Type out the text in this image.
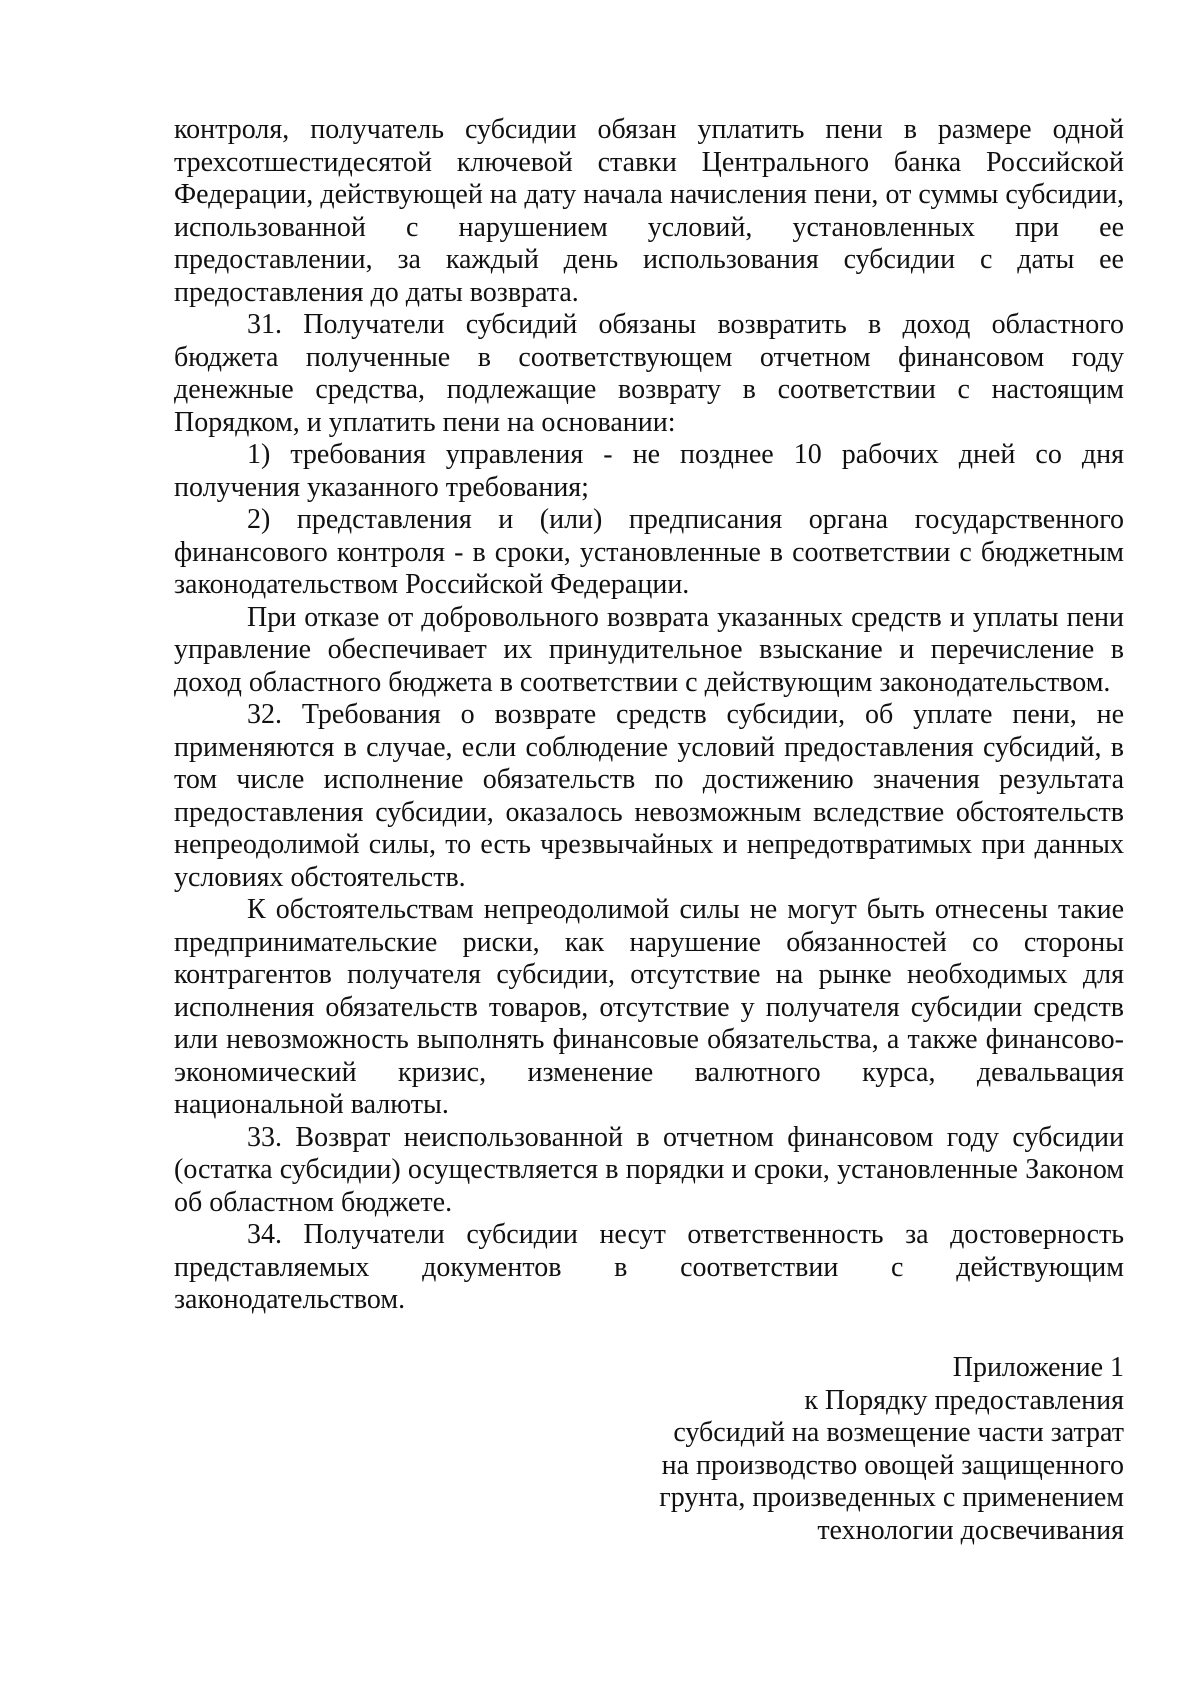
контроля, получатель субсидии обязан уплатить пени в размере одной трехсотшестидесятой ключевой ставки Центрального банка Российской Федерации, действующей на дату начала начисления пени, от суммы субсидии, использованной с нарушением условий, установленных при ее предоставлении, за каждый день использования субсидии с даты ее предоставления до даты возврата.

31. Получатели субсидий обязаны возвратить в доход областного бюджета полученные в соответствующем отчетном финансовом году денежные средства, подлежащие возврату в соответствии с настоящим Порядком, и уплатить пени на основании:

1) требования управления - не позднее 10 рабочих дней со дня получения указанного требования;

2) представления и (или) предписания органа государственного финансового контроля - в сроки, установленные в соответствии с бюджетным законодательством Российской Федерации.

При отказе от добровольного возврата указанных средств и уплаты пени управление обеспечивает их принудительное взыскание и перечисление в доход областного бюджета в соответствии с действующим законодательством.

32. Требования о возврате средств субсидии, об уплате пени, не применяются в случае, если соблюдение условий предоставления субсидий, в том числе исполнение обязательств по достижению значения результата предоставления субсидии, оказалось невозможным вследствие обстоятельств непреодолимой силы, то есть чрезвычайных и непредотвратимых при данных условиях обстоятельств.

К обстоятельствам непреодолимой силы не могут быть отнесены такие предпринимательские риски, как нарушение обязанностей со стороны контрагентов получателя субсидии, отсутствие на рынке необходимых для исполнения обязательств товаров, отсутствие у получателя субсидии средств или невозможность выполнять финансовые обязательства, а также финансово-экономический кризис, изменение валютного курса, девальвация национальной валюты.

33. Возврат неиспользованной в отчетном финансовом году субсидии (остатка субсидии) осуществляется в порядки и сроки, установленные Законом об областном бюджете.

34. Получатели субсидии несут ответственность за достоверность представляемых документов в соответствии с действующим законодательством.

Приложение 1
к Порядку предоставления
субсидий на возмещение части затрат
на производство овощей защищенного
грунта, произведенных с применением
технологии досвечивания
